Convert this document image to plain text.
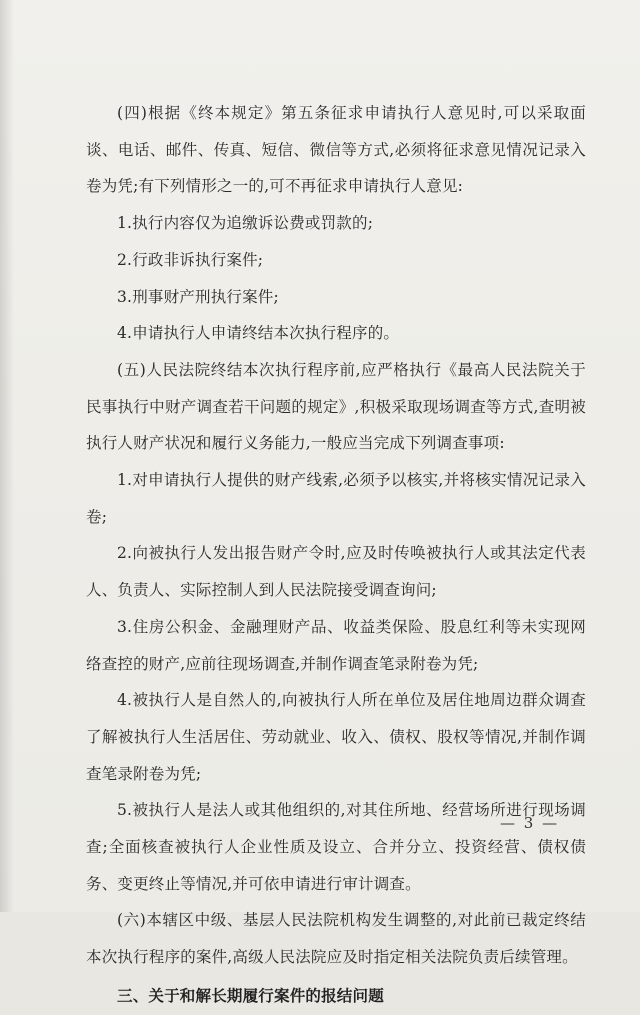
(四)根据《终本规定》第五条征求申请执行人意见时,可以采取面谈、电话、邮件、传真、短信、微信等方式,必须将征求意见情况记录入卷为凭;有下列情形之一的,可不再征求申请执行人意见:

1.执行内容仅为追缴诉讼费或罚款的;

2.行政非诉执行案件;

3.刑事财产刑执行案件;

4.申请执行人申请终结本次执行程序的。

(五)人民法院终结本次执行程序前,应严格执行《最高人民法院关于民事执行中财产调查若干问题的规定》,积极采取现场调查等方式,查明被执行人财产状况和履行义务能力,一般应当完成下列调查事项:

1.对申请执行人提供的财产线索,必须予以核实,并将核实情况记录入卷;

2.向被执行人发出报告财产令时,应及时传唤被执行人或其法定代表人、负责人、实际控制人到人民法院接受调查询问;

3.住房公积金、金融理财产品、收益类保险、股息红利等未实现网络查控的财产,应前往现场调查,并制作调查笔录附卷为凭;

4.被执行人是自然人的,向被执行人所在单位及居住地周边群众调查了解被执行人生活居住、劳动就业、收入、债权、股权等情况,并制作调查笔录附卷为凭;

5.被执行人是法人或其他组织的,对其住所地、经营场所进行现场调查;全面核查被执行人企业性质及设立、合并分立、投资经营、债权债务、变更终止等情况,并可依申请进行审计调查。

(六)本辖区中级、基层人民法院机构发生调整的,对此前已裁定终结本次执行程序的案件,高级人民法院应及时指定相关法院负责后续管理。

三、关于和解长期履行案件的报结问题

— 3 —
